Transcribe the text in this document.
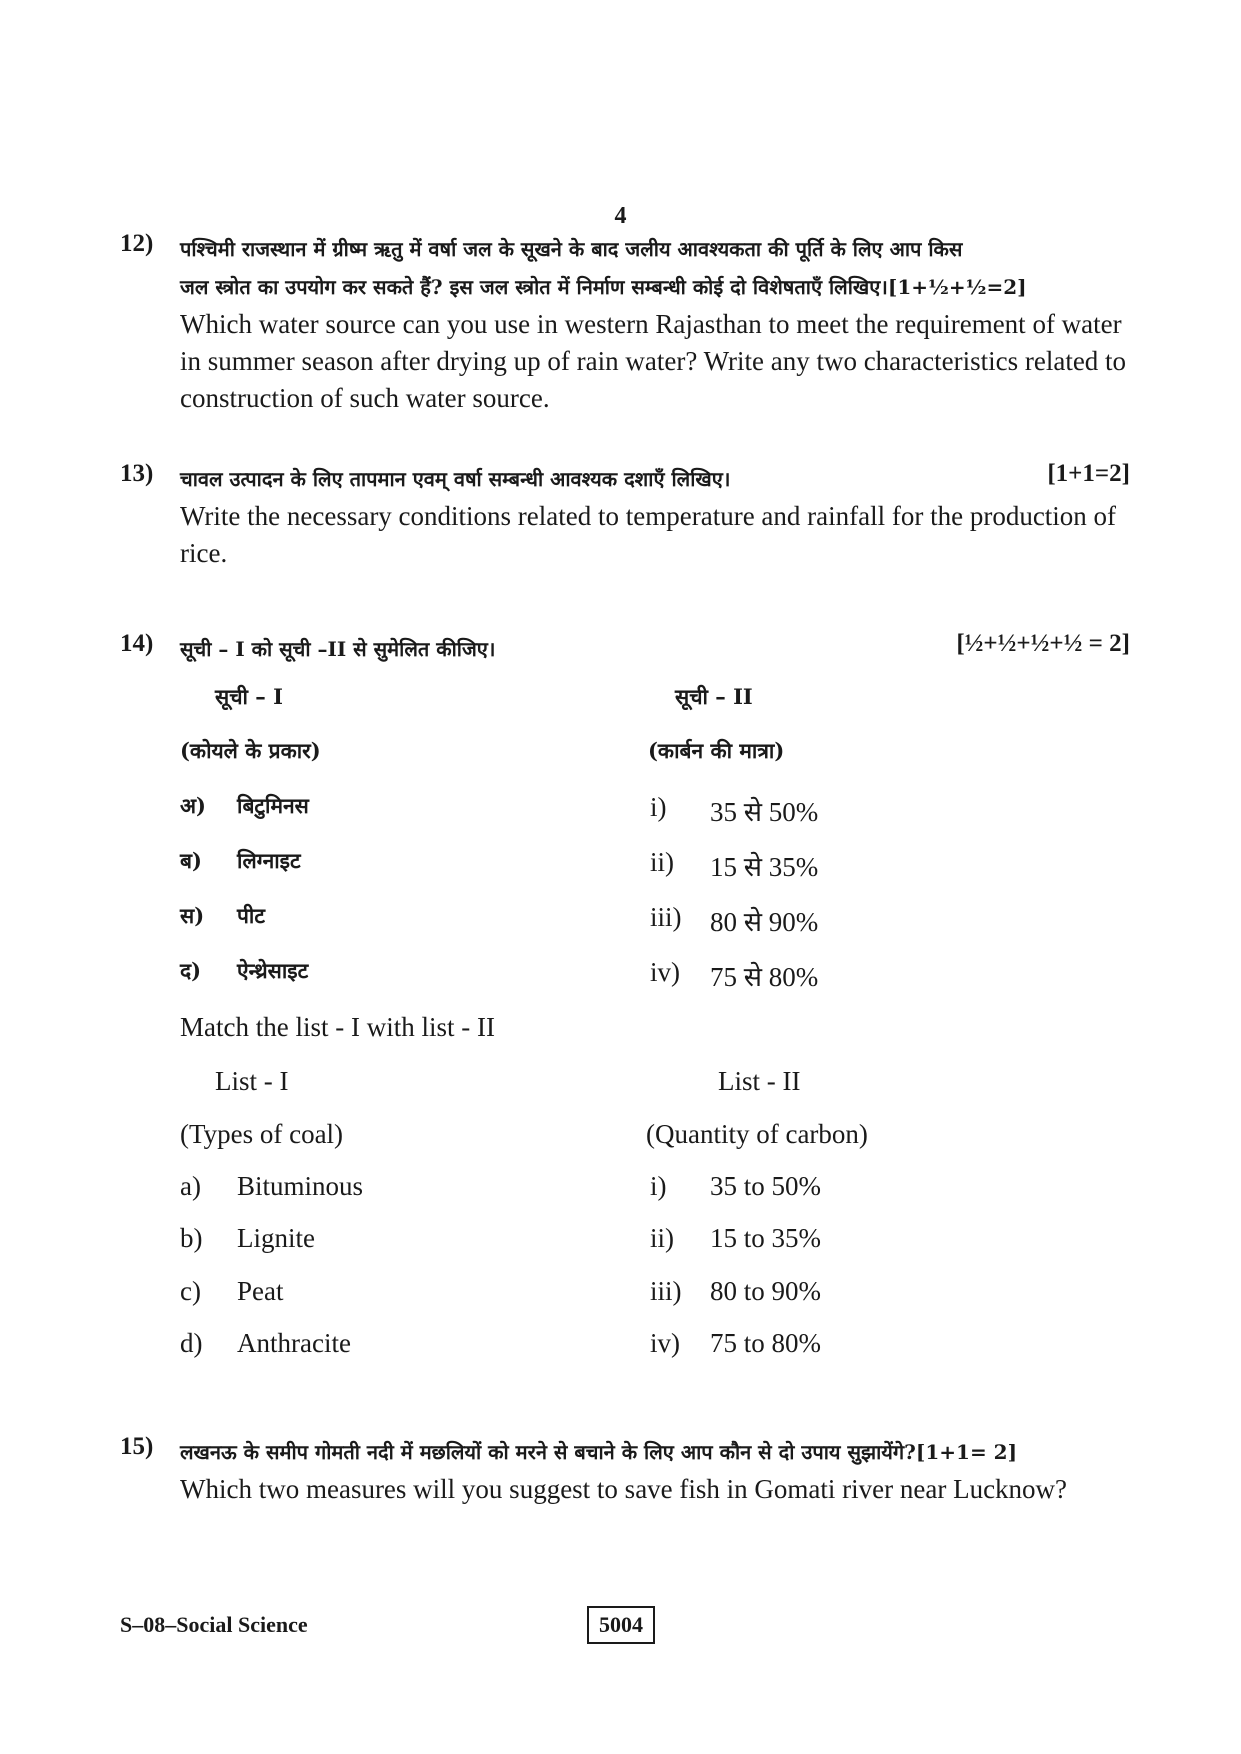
4
12) पश्चिमी राजस्थान में ग्रीष्म ऋतु में वर्षा जल के सूखने के बाद जलीय आवश्यकता की पूर्ति के लिए आप किस
जल स्त्रोत का उपयोग कर सकते हैं? इस जल स्त्रोत में निर्माण सम्बन्धी कोई दो विशेषताएँ लिखिए।[1+½+½=2]
Which water source can you use in western Rajasthan to meet the requirement of water in summer season after drying up of rain water? Write any two characteristics related to construction of such water source.
13)	[1+1=2]
चावल उत्पादन के लिए तापमान एवम् वर्षा सम्बन्धी आवश्यक दशाएँ लिखिए।
Write the necessary conditions related to temperature and rainfall for the production of rice.
14)	[½+½+½+½ = 2]
सूची – I को सूची –II से सुमेलित कीजिए।
सूची – I	सूची – II
(कोयले के प्रकार)	(कार्बन की मात्रा)
अ) बिटुमिनस	i) 35 से 50%
ब) लिग्नाइट	ii) 15 से 35%
स) पीट	iii) 80 से 90%
द) ऐन्थ्रेसाइट	iv) 75 से 80%
Match the list - I with list - II
List - I	List - II
(Types of coal)	(Quantity of carbon)
a) Bituminous	i) 35 to 50%
b) Lignite	ii) 15 to 35%
c) Peat	iii) 80 to 90%
d) Anthracite	iv) 75 to 80%
15) लखनऊ के समीप गोमती नदी में मछलियों को मरने से बचाने के लिए आप कौन से दो उपाय सुझायेंगे?[1+1= 2]
Which two measures will you suggest to save fish in Gomati river near Lucknow?
S–08–Social Science	5004
